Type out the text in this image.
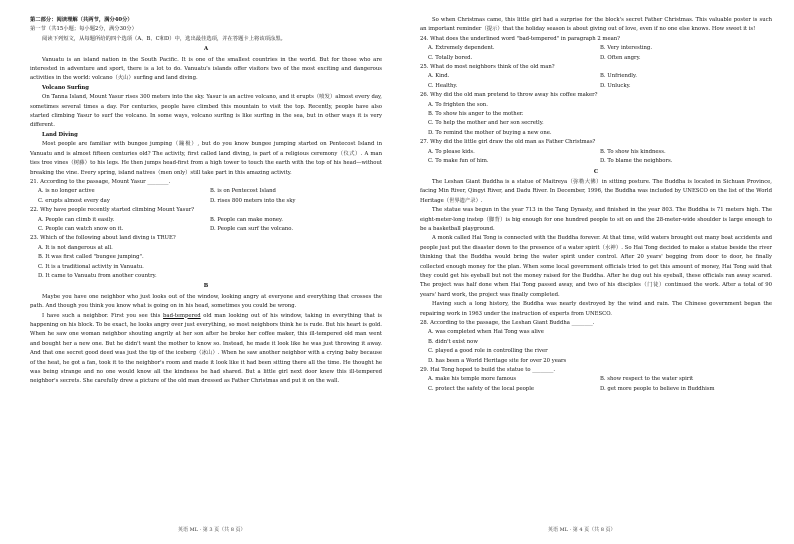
第二部分：阅读理解（共两节，满分40分）

第一节（共15小题；每小题2分，满分30分）

阅读下列短文，从每题所给的四个选项（A、B、C和D）中，选出最佳选项，并在答题卡上将该项涂黑。

A

Vanuatu is an island nation in the South Pacific. It is one of the smallest countries in the world. But for those who are interested in adventure and sport, there is a lot to do. Vanuatu's islands offer visitors two of the most exciting and dangerous activities in the world: volcano（火山）surfing and land diving.

Volcano Surfing

On Tanna Island, Mount Yasur rises 300 meters into the sky. Yasur is an active volcano, and it erupts（喷发）almost every day, sometimes several times a day. For centuries, people have climbed this mountain to visit the top. Recently, people have also started climbing Yasur to surf the volcano. In some ways, volcano surfing is like surfing in the sea, but in other ways it is very different.

Land Diving

Most people are familiar with bungee jumping（蹦极）, but do you know bungee jumping started on Pentecost Island in Vanuatu and is almost fifteen centuries old? The activity, first called land diving, is part of a religious ceremony（仪式）. A man ties tree vines（树藤）to his legs. He then jumps head-first from a high tower to touch the earth with the top of his head—without breaking the vine. Every spring, island natives（men only）still take part in this amazing activity.

21. According to the passage, Mount Yasur ________.

A. is no longer active	B. is on Pentecost Island
C. erupts almost every day	D. rises 800 meters into the sky

22. Why have people recently started climbing Mount Yasur?

A. People can climb it easily.	B. People can make money.
C. People can watch snow on it.	D. People can surf the volcano.

23. Which of the following about land diving is TRUE?

A. It is not dangerous at all.

B. It was first called "bungee jumping".

C. It is a traditional activity in Vanuatu.

D. It came to Vanuatu from another country.

B

Maybe you have one neighbor who just looks out of the window, looking angry at everyone and everything that crosses the path. And though you think you know what is going on in his head, sometimes you could be wrong.

I have such a neighbor. First you see this bad-tempered old man looking out of his window, taking in everything that is happening on his block. To be exact, he looks angry over just everything, so most neighbors think he is rude. But his heart is gold. When he saw one woman neighbor shouting angrily at her son after he broke her coffee maker, this ill-tempered old man went and bought her a new one. But he didn't want the mother to know so. Instead, he made it look like he was just throwing it away. And that one secret good deed was just the tip of the iceberg（冰山）. When he saw another neighbor with a crying baby because of the heat, he got a fan, took it to the neighbor's room and made it look like it had been sitting there all the time. He thought he was being strange and no one would know all the kindness he had shared. But a little girl next door knew this ill-tempered neighbor's secrets. She carefully drew a picture of the old man dressed as Father Christmas and put it on the wall.

英语 ML · 第 3 页（共 8 页）

So when Christmas came, this little girl had a surprise for the block's secret Father Christmas. This valuable poster is such an important reminder（提示）that the holiday season is about giving out of love, even if no one else knows. How sweet it is!

24. What does the underlined word "bad-tempered" in paragraph 2 mean?

A. Extremely dependent.	B. Very interesting.
C. Totally bored.	D. Often angry.

25. What do most neighbors think of the old man?

A. Kind.	B. Unfriendly.
C. Healthy.	D. Unlucky.

26. Why did the old man pretend to throw away his coffee maker?

A. To frighten the son.

B. To show his anger to the mother.

C. To help the mother and her son secretly.

D. To remind the mother of buying a new one.

27. Why did the little girl draw the old man as Father Christmas?

A. To please kids.	B. To show his kindness.
C. To make fun of him.	D. To blame the neighbors.

C

The Leshan Giant Buddha is a statue of Maitreya（弥勒大佛）in sitting posture. The Buddha is located in Sichuan Province, facing Min River, Qingyi River, and Dadu River. In December, 1996, the Buddha was included by UNESCO on the list of the World Heritage（世界遗产录）.

The statue was begun in the year 713 in the Tang Dynasty, and finished in the year 803. The Buddha is 71 meters high. The eight-meter-long instep（脚背）is big enough for one hundred people to sit on and the 28-meter-wide shoulder is large enough to be a basketball playground.

A monk called Hai Tong is connected with the Buddha forever. At that time, wild waters brought out many boat accidents and people just put the disaster down to the presence of a water spirit（水神）. So Hai Tong decided to make a statue beside the river thinking that the Buddha would bring the water spirit under control. After 20 years' begging from door to door, he finally collected enough money for the plan. When some local government officials tried to get this amount of money, Hai Tong said that they could get his eyeball but not the money raised for the Buddha. After he dug out his eyeball, these officials ran away scared. The project was half done when Hai Tong passed away, and two of his disciples（门徒）continued the work. After a total of 90 years' hard work, the project was finally completed.

Having such a long history, the Buddha was nearly destroyed by the wind and rain. The Chinese government began the repairing work in 1963 under the instruction of experts from UNESCO.

28. According to the passage, the Leshan Giant Buddha ________.

A. was completed when Hai Tong was alive

B. didn't exist now

C. played a good role in controlling the river

D. has been a World Heritage site for over 20 years

29. Hai Tong hoped to build the statue to ________.

A. make his temple more famous	B. show respect to the water spirit
C. protect the safety of the local people	D. get more people to believe in Buddhism
英语 ML · 第 4 页（共 8 页）
